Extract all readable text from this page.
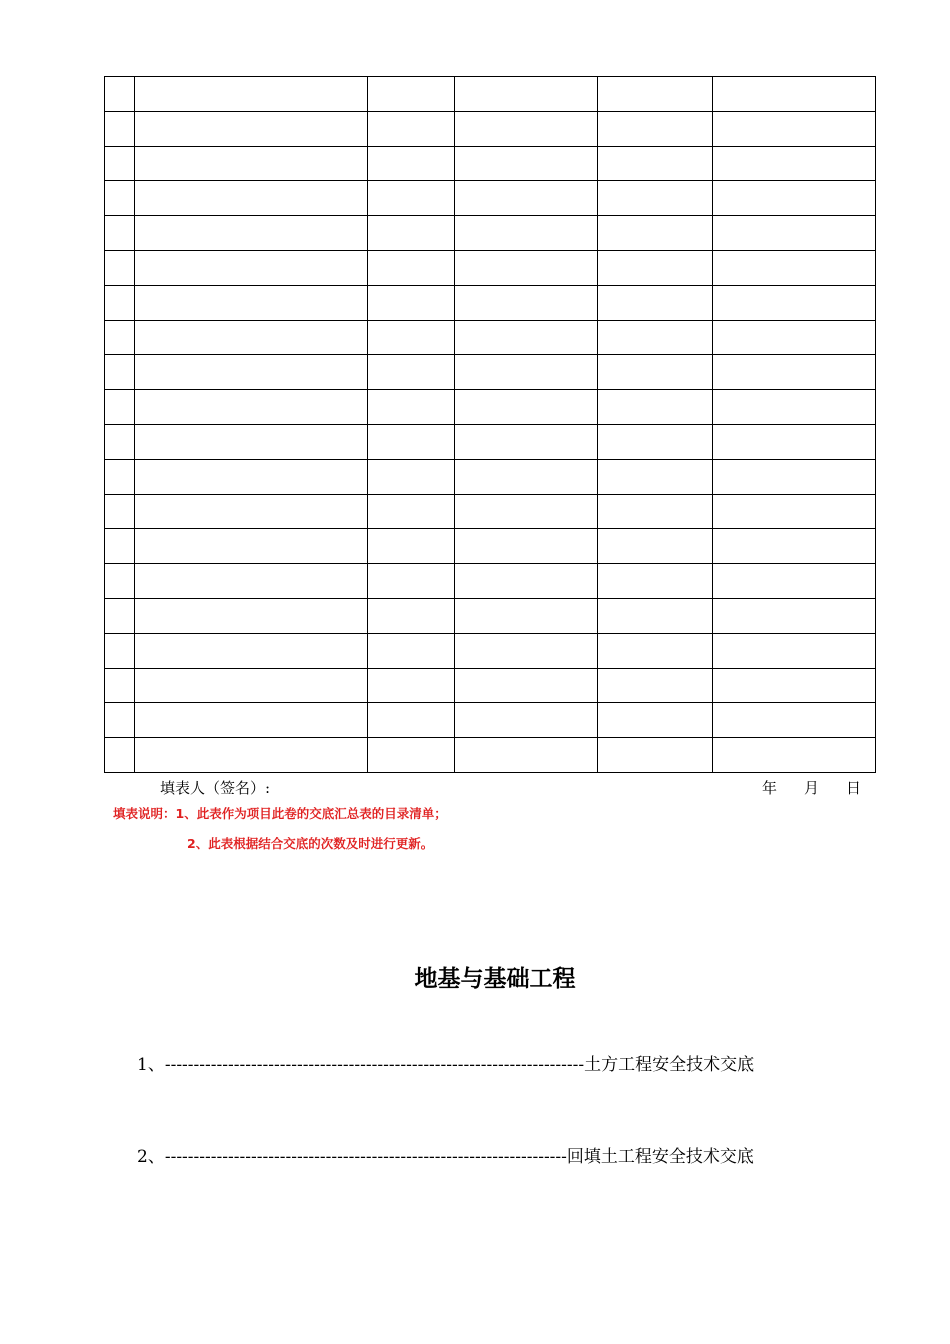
填表人（签名）:	年 月 日
填表说明：1、此表作为项目此卷的交底汇总表的目录清单；
2、此表根据结合交底的次数及时进行更新。
地基与基础工程
1、-------------------------------------------------------------------------土方工程安全技术交底
2、----------------------------------------------------------------------回填土工程安全技术交底
